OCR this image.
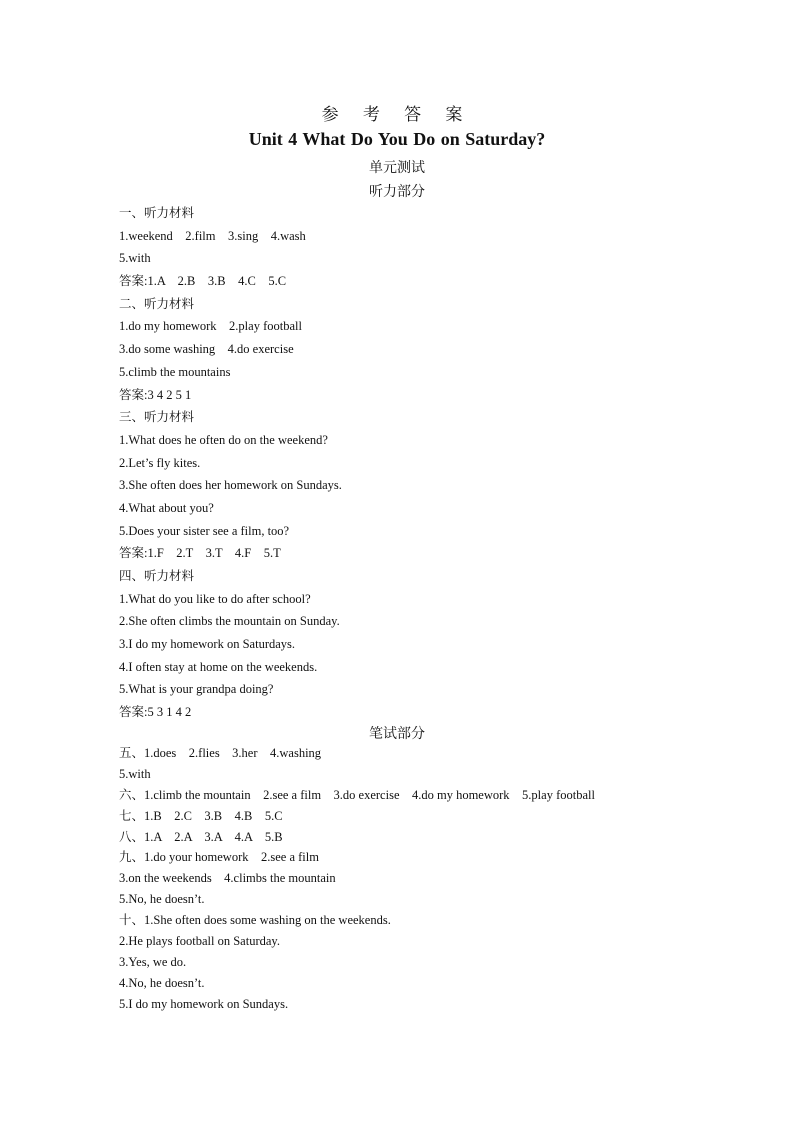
参 考 答 案
Unit 4 What Do You Do on Saturday?
单元测试
听力部分
一、听力材料
1.weekend    2.film    3.sing    4.wash
5.with
答案:1.A    2.B    3.B    4.C    5.C
二、听力材料
1.do my homework    2.play football
3.do some washing    4.do exercise
5.climb the mountains
答案:3 4 2 5 1
三、听力材料
1.What does he often do on the weekend?
2.Let’s fly kites.
3.She often does her homework on Sundays.
4.What about you?
5.Does your sister see a film, too?
答案:1.F    2.T    3.T    4.F    5.T
四、听力材料
1.What do you like to do after school?
2.She often climbs the mountain on Sunday.
3.I do my homework on Saturdays.
4.I often stay at home on the weekends.
5.What is your grandpa doing?
答案:5 3 1 4 2
笔试部分
五、1.does    2.flies    3.her    4.washing
5.with
六、1.climb the mountain    2.see a film    3.do exercise    4.do my homework    5.play football
七、1.B    2.C    3.B    4.B    5.C
八、1.A    2.A    3.A    4.A    5.B
九、1.do your homework    2.see a film
3.on the weekends    4.climbs the mountain
5.No, he doesn’t.
十、1.She often does some washing on the weekends.
2.He plays football on Saturday.
3.Yes, we do.
4.No, he doesn’t.
5.I do my homework on Sundays.
